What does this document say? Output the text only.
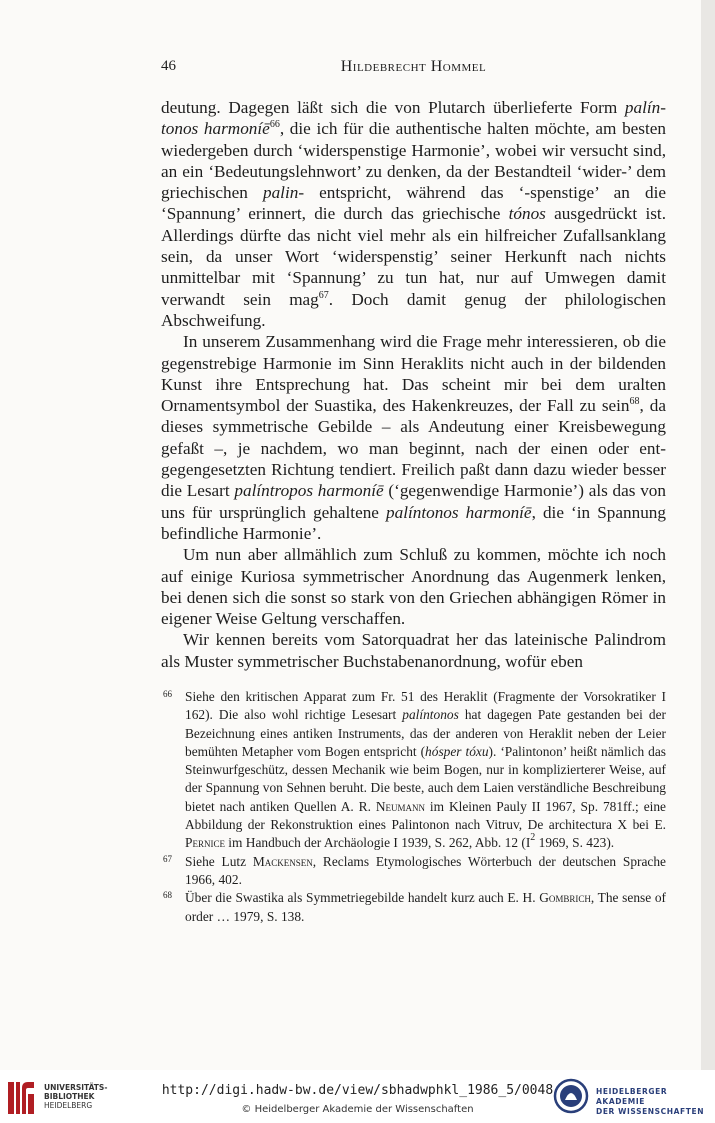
46	Hildebrecht Hommel

deutung. Dagegen läßt sich die von Plutarch überlieferte Form palíntonos harmoníē$^{66}$, die ich für die authentische halten möchte, am besten wiedergeben durch ‘widerspenstige Harmonie’, wobei wir versucht sind, an ein ‘Bedeutungslehnwort’ zu denken, da der Bestandteil ‘wider-’ dem griechischen palin- entspricht, während das ‘-spenstige’ an die ‘Spannung’ erinnert, die durch das griechische tónos ausgedrückt ist. Allerdings dürfte das nicht viel mehr als ein hilfreicher Zufallsanklang sein, da unser Wort ‘widerspenstig’ seiner Herkunft nach nichts unmittelbar mit ‘Spannung’ zu tun hat, nur auf Umwegen damit verwandt sein mag$^{67}$. Doch damit genug der philologischen Abschweifung.

In unserem Zusammenhang wird die Frage mehr interessieren, ob die gegenstrebige Harmonie im Sinn Heraklits nicht auch in der bildenden Kunst ihre Entsprechung hat. Das scheint mir bei dem uralten Ornamentsymbol der Suastika, des Hakenkreuzes, der Fall zu sein$^{68}$, da dieses symmetrische Gebilde – als Andeutung einer Kreisbewegung gefaßt –, je nachdem, wo man beginnt, nach der einen oder entgegengesetzten Richtung tendiert. Freilich paßt dann dazu wieder besser die Lesart palíntropos harmoníē (‘gegenwendige Harmonie’) als das von uns für ursprünglich gehaltene palíntonos harmoníē, die ‘in Spannung befindliche Harmonie’.

Um nun aber allmählich zum Schluß zu kommen, möchte ich noch auf einige Kuriosa symmetrischer Anordnung das Augenmerk lenken, bei denen sich die sonst so stark von den Griechen abhängigen Römer in eigener Weise Geltung verschaffen.

Wir kennen bereits vom Satorquadrat her das lateinische Palindrom als Muster symmetrischer Buchstabenanordnung, wofür eben

66 Siehe den kritischen Apparat zum Fr. 51 des Heraklit (Fragmente der Vorsokratiker I 162). Die also wohl richtige Lesesart palíntonos hat dagegen Pate gestanden bei der Bezeichnung eines antiken Instruments, das der anderen von Heraklit neben der Leier bemühten Metapher vom Bogen entspricht (hósper tóxu). ‘Palintonon’ heißt nämlich das Steinwurfgeschütz, dessen Mechanik wie beim Bogen, nur in komplizierterer Weise, auf der Spannung von Sehnen beruht. Die beste, auch dem Laien verständliche Beschreibung bietet nach antiken Quellen A. R. Neumann im Kleinen Pauly II 1967, Sp. 781ff.; eine Abbildung der Rekonstruktion eines Palintonon nach Vitruv, De architectura X bei E. Pernice im Handbuch der Archäologie I 1939, S. 262, Abb. 12 ($I^2$ 1969, S. 423).
67 Siehe Lutz Mackensen, Reclams Etymologisches Wörterbuch der deutschen Sprache 1966, 402.
68 Über die Swastika als Symmetriegebilde handelt kurz auch E. H. Gombrich, The sense of order … 1979, S. 138.
UNIVERSITÄTS-
BIBLIOTHEK
HEIDELBERG
http://digi.hadw-bw.de/view/sbhadwphkl_1986_5/0048
© Heidelberger Akademie der Wissenschaften
HEIDELBERGER AKADEMIE
DER WISSENSCHAFTEN
